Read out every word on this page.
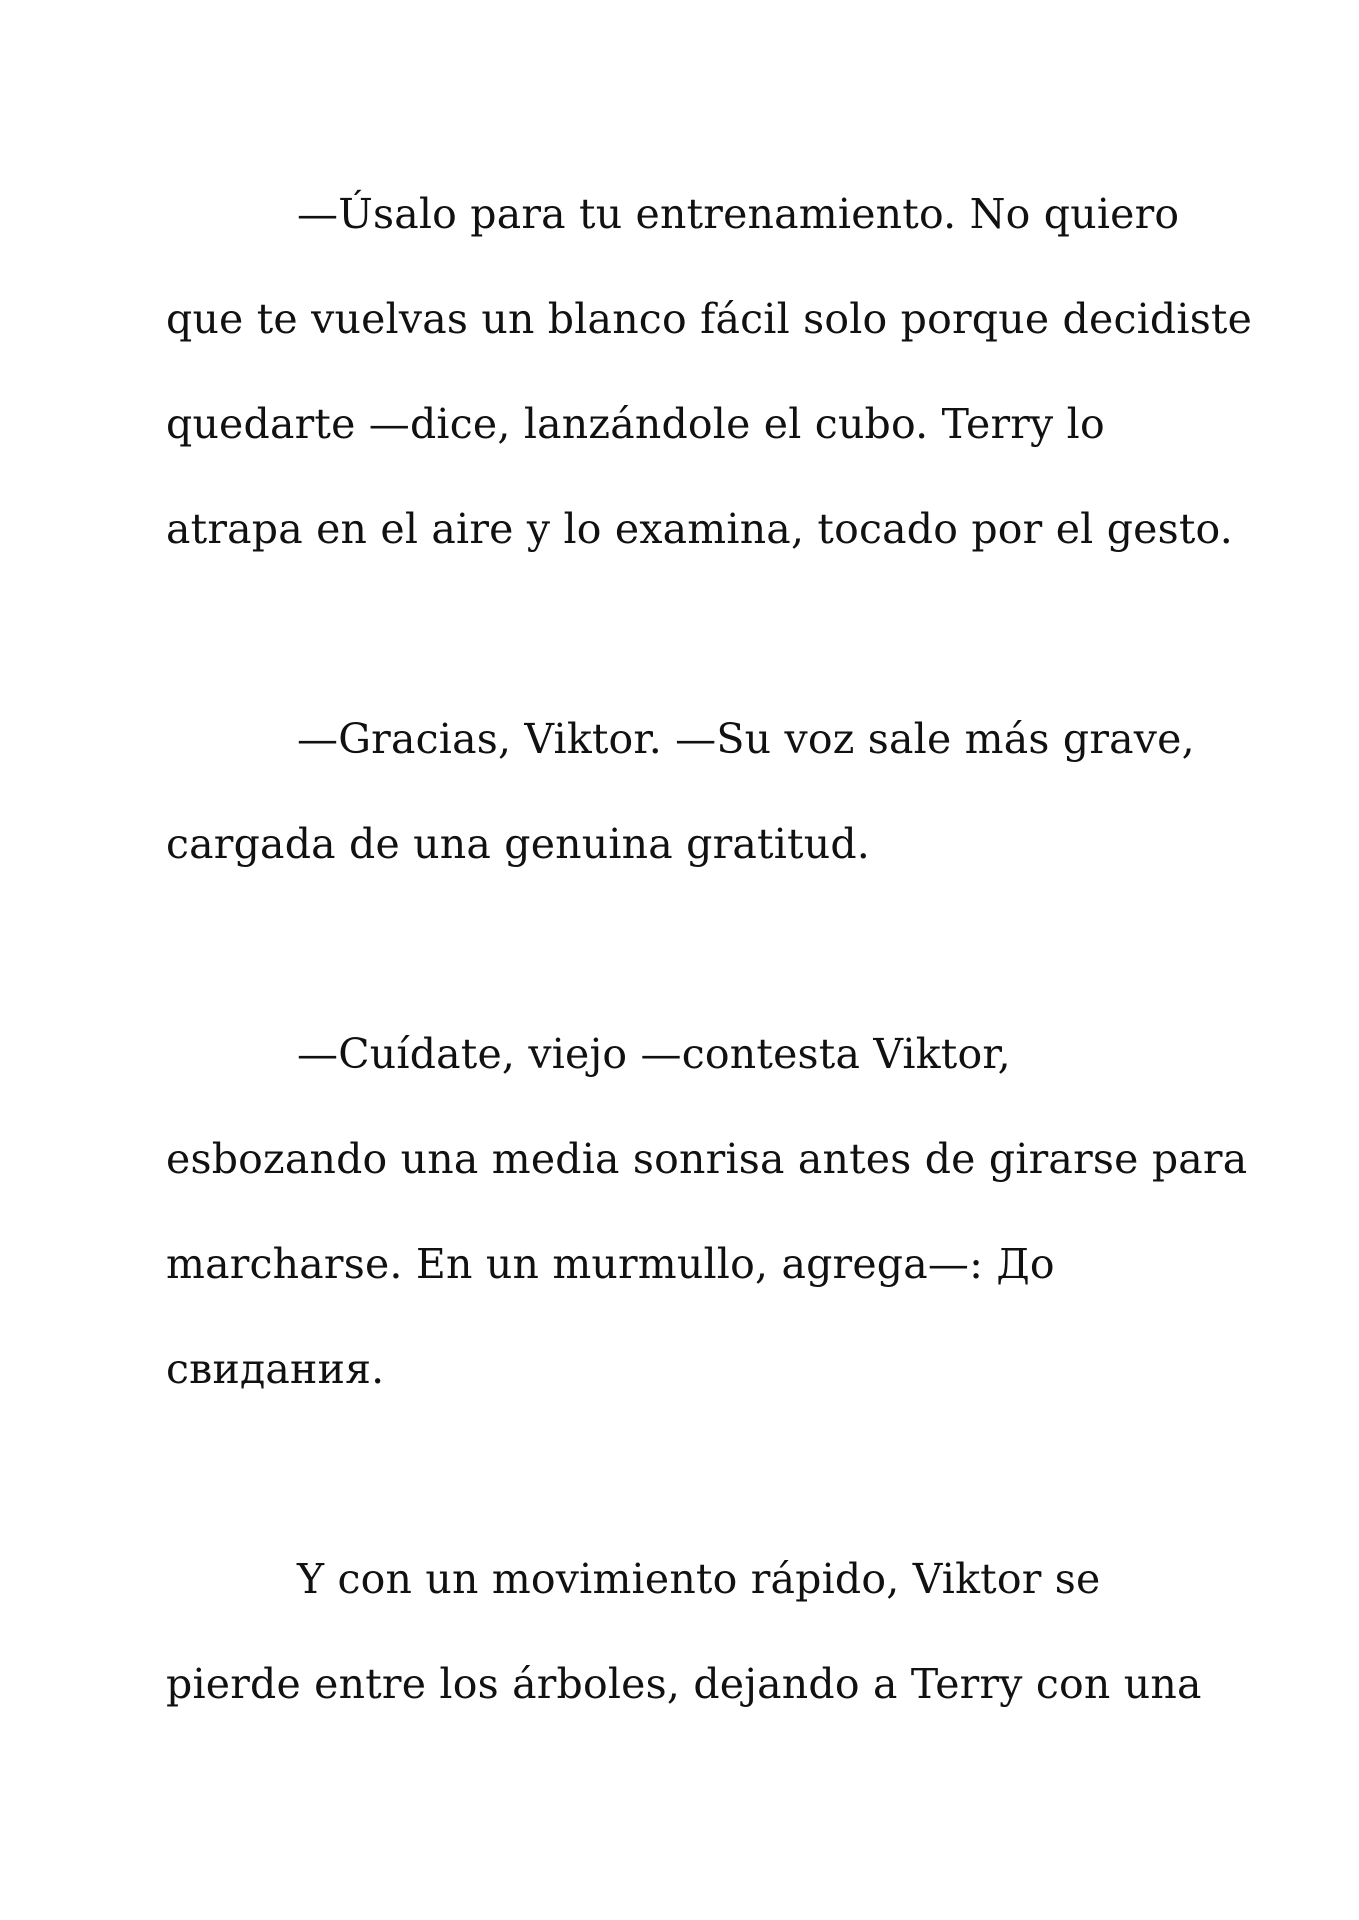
—Úsalo para tu entrenamiento. No quiero
que te vuelvas un blanco fácil solo porque decidiste
quedarte —dice, lanzándole el cubo. Terry lo
atrapa en el aire y lo examina, tocado por el gesto.

—Gracias, Viktor. —Su voz sale más grave,
cargada de una genuina gratitud.

—Cuídate, viejo —contesta Viktor,
esbozando una media sonrisa antes de girarse para
marcharse. En un murmullo, agrega—: До
свидания.

Y con un movimiento rápido, Viktor se
pierde entre los árboles, dejando a Terry con una
